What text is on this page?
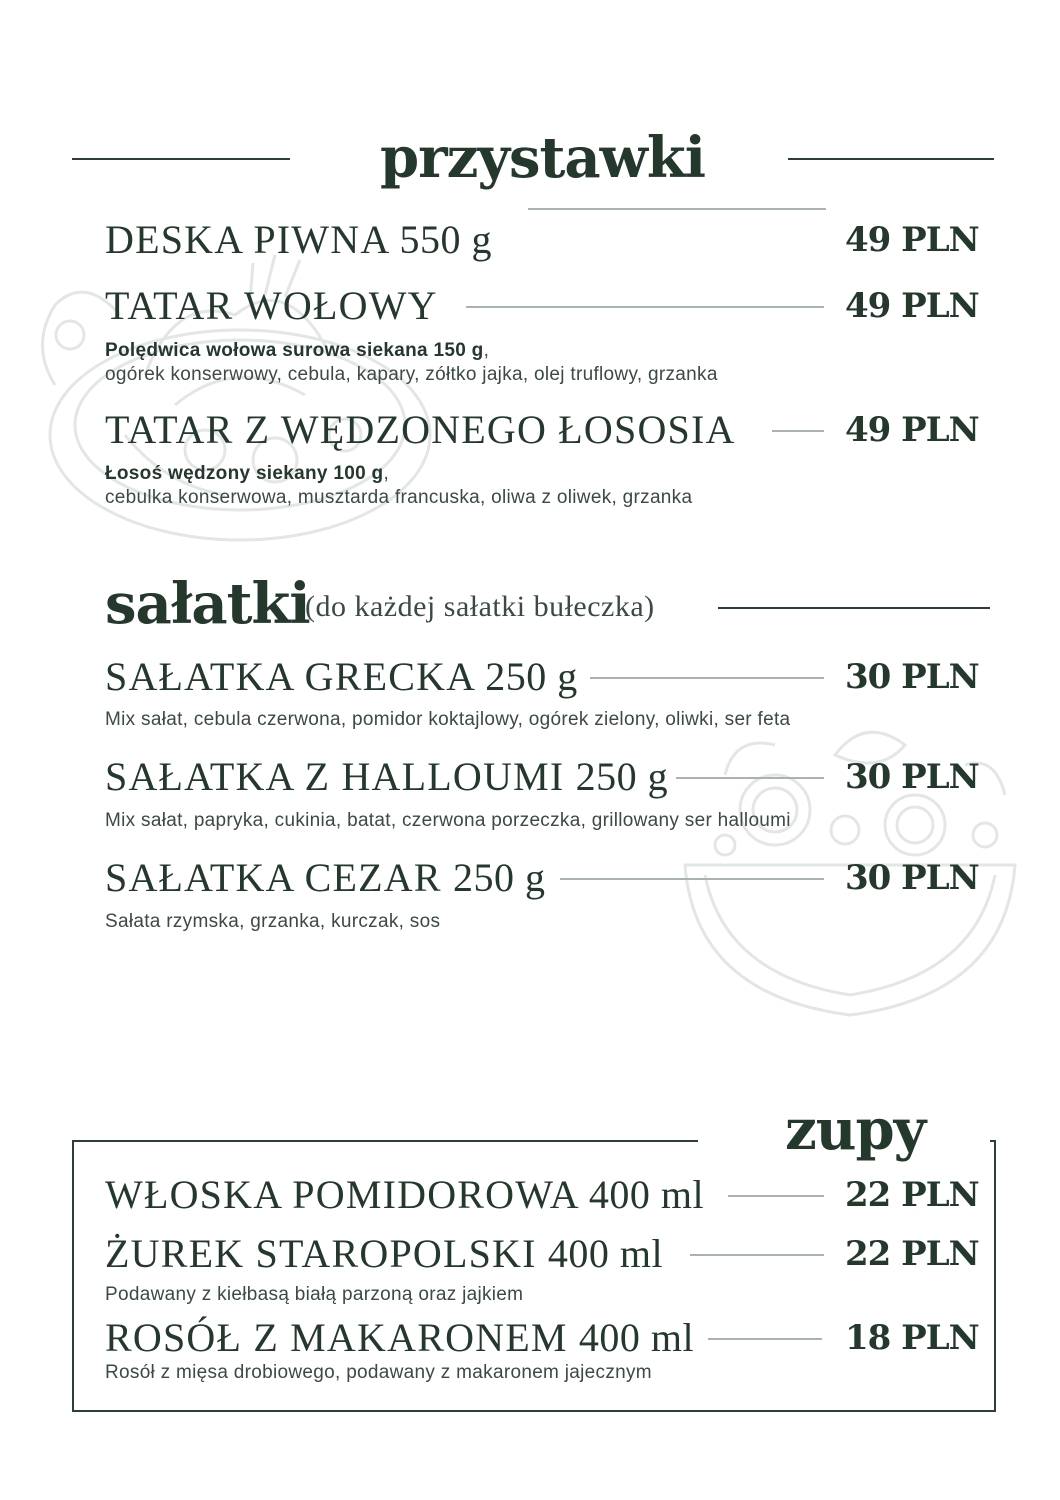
przystawki
DESKA PIWNA 550 g	49 PLN
TATAR WOŁOWY	49 PLN
Polędwica wołowa surowa siekana 150 g,
ogórek konserwowy, cebula, kapary, zółtko jajka, olej truflowy, grzanka
TATAR Z WĘDZONEGO ŁOSOSIA	49 PLN
Łosoś wędzony siekany 100 g,
cebulka konserwowa, musztarda francuska, oliwa z oliwek, grzanka
sałatki
(do każdej sałatki bułeczka)
SAŁATKA GRECKA 250 g	30 PLN
Mix sałat, cebula czerwona, pomidor koktajlowy, ogórek zielony, oliwki, ser feta
SAŁATKA Z HALLOUMI 250 g	30 PLN
Mix sałat, papryka, cukinia, batat, czerwona porzeczka, grillowany ser halloumi
SAŁATKA CEZAR 250 g	30 PLN
Sałata rzymska, grzanka, kurczak, sos
zupy
WŁOSKA POMIDOROWA 400 ml	22 PLN
ŻUREK STAROPOLSKI 400 ml	22 PLN
Podawany z kiełbasą białą parzoną oraz jajkiem
ROSÓŁ Z MAKARONEM 400 ml	18 PLN
Rosół z mięsa drobiowego, podawany z makaronem jajecznym
